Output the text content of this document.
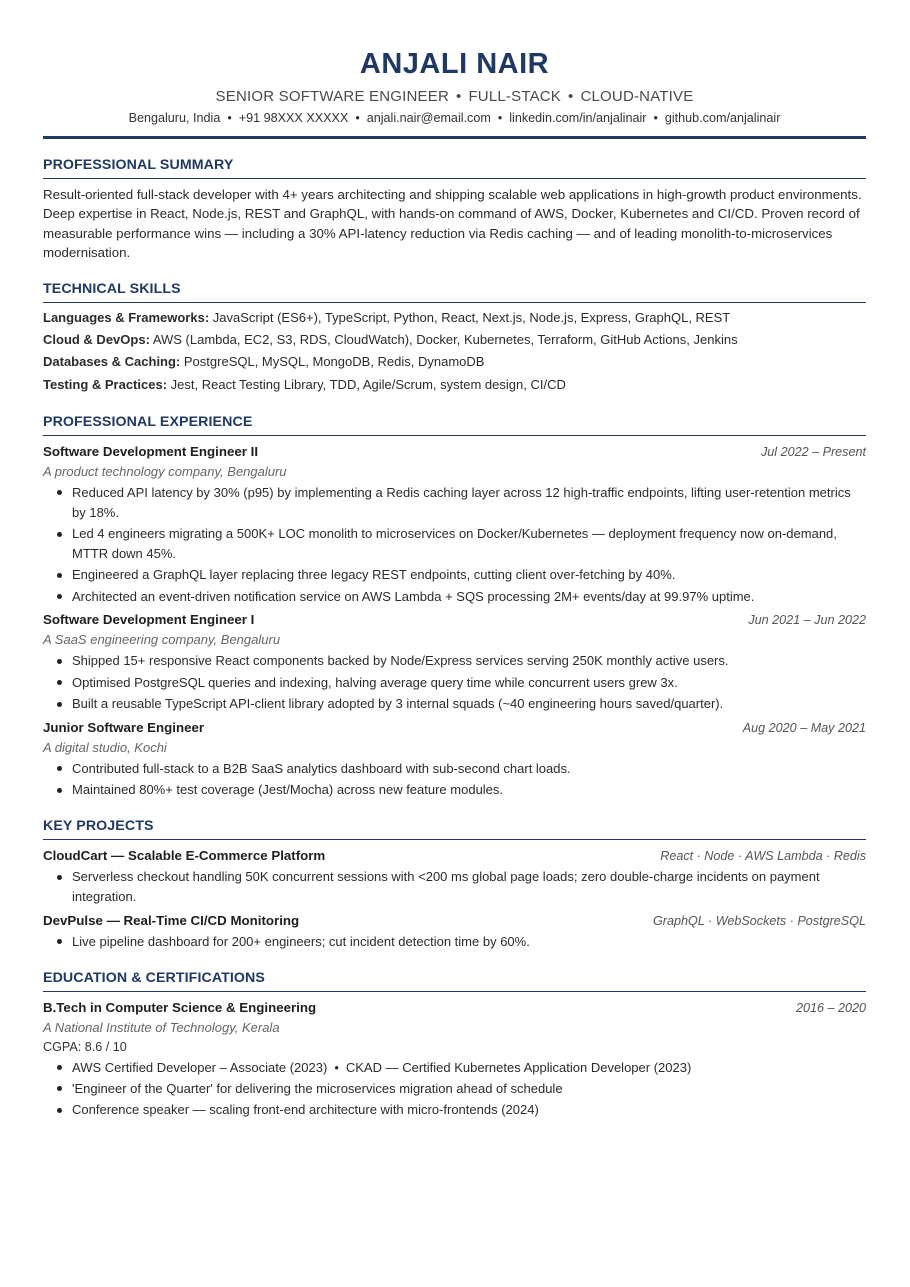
ANJALI NAIR
SENIOR SOFTWARE ENGINEER • FULL-STACK • CLOUD-NATIVE
Bengaluru, India • +91 98XXX XXXXX • anjali.nair@email.com • linkedin.com/in/anjalinair • github.com/anjalinair
PROFESSIONAL SUMMARY

Result-oriented full-stack developer with 4+ years architecting and shipping scalable web applications in high-growth product environments. Deep expertise in React, Node.js, REST and GraphQL, with hands-on command of AWS, Docker, Kubernetes and CI/CD. Proven record of measurable performance wins — including a 30% API-latency reduction via Redis caching — and of leading monolith-to-microservices modernisation.

TECHNICAL SKILLS
Languages & Frameworks: JavaScript (ES6+), TypeScript, Python, React, Next.js, Node.js, Express, GraphQL, REST
Cloud & DevOps: AWS (Lambda, EC2, S3, RDS, CloudWatch), Docker, Kubernetes, Terraform, GitHub Actions, Jenkins
Databases & Caching: PostgreSQL, MySQL, MongoDB, Redis, DynamoDB
Testing & Practices: Jest, React Testing Library, TDD, Agile/Scrum, system design, CI/CD
PROFESSIONAL EXPERIENCE
Software Development Engineer II	Jul 2022 – Present
A product technology company, Bengaluru
Reduced API latency by 30% (p95) by implementing a Redis caching layer across 12 high-traffic endpoints, lifting user-retention metrics by 18%.
Led 4 engineers migrating a 500K+ LOC monolith to microservices on Docker/Kubernetes — deployment frequency now on-demand, MTTR down 45%.
Engineered a GraphQL layer replacing three legacy REST endpoints, cutting client over-fetching by 40%.
Architected an event-driven notification service on AWS Lambda + SQS processing 2M+ events/day at 99.97% uptime.
Software Development Engineer I	Jun 2021 – Jun 2022
A SaaS engineering company, Bengaluru
Shipped 15+ responsive React components backed by Node/Express services serving 250K monthly active users.
Optimised PostgreSQL queries and indexing, halving average query time while concurrent users grew 3x.
Built a reusable TypeScript API-client library adopted by 3 internal squads (~40 engineering hours saved/quarter).
Junior Software Engineer	Aug 2020 – May 2021
A digital studio, Kochi
Contributed full-stack to a B2B SaaS analytics dashboard with sub-second chart loads.
Maintained 80%+ test coverage (Jest/Mocha) across new feature modules.
KEY PROJECTS
CloudCart — Scalable E-Commerce Platform	React · Node · AWS Lambda · Redis
Serverless checkout handling 50K concurrent sessions with <200 ms global page loads; zero double-charge incidents on payment integration.
DevPulse — Real-Time CI/CD Monitoring	GraphQL · WebSockets · PostgreSQL
Live pipeline dashboard for 200+ engineers; cut incident detection time by 60%.
EDUCATION & CERTIFICATIONS
B.Tech in Computer Science & Engineering	2016 – 2020
A National Institute of Technology, Kerala
CGPA: 8.6 / 10
AWS Certified Developer – Associate (2023) • CKAD — Certified Kubernetes Application Developer (2023)
'Engineer of the Quarter' for delivering the microservices migration ahead of schedule
Conference speaker — scaling front-end architecture with micro-frontends (2024)
